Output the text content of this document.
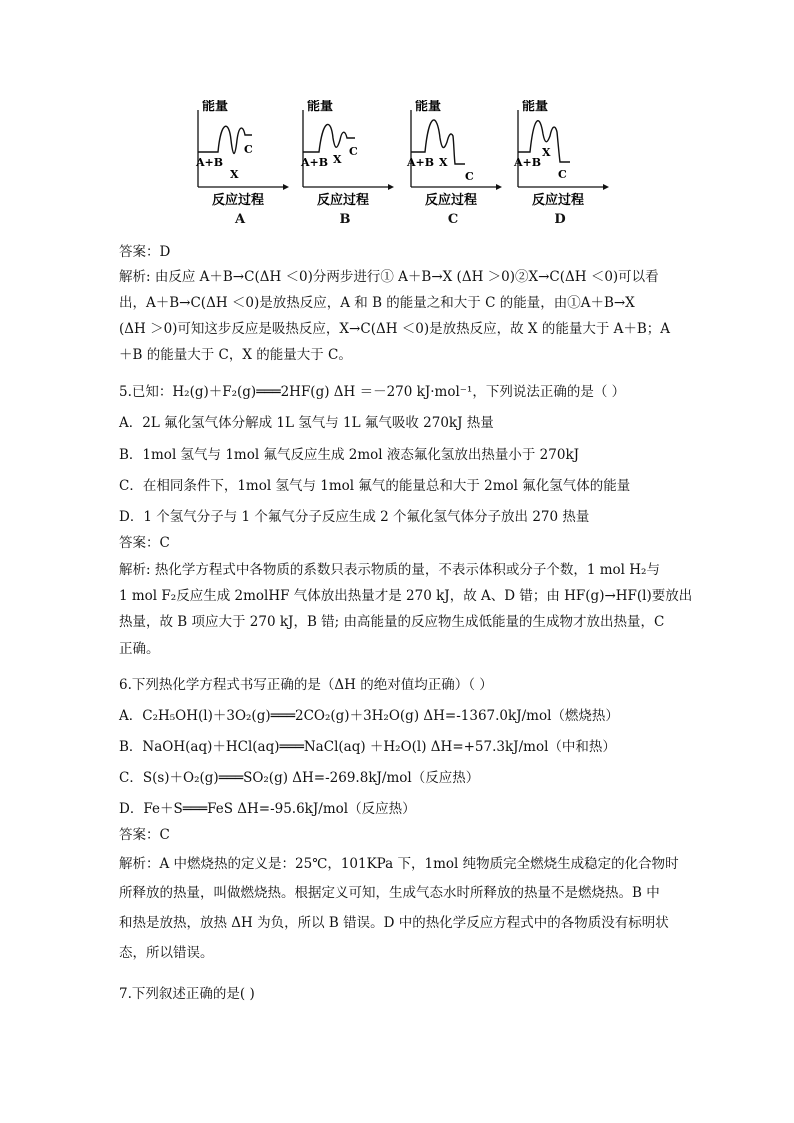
能量
A+B
X
C
反应过程
A
能量
A+B X
C
反应过程
B
能量
A+B X
C
反应过程
C
能量
A+B
X
C
反应过程
D
答案：D
解析: 由反应 A＋B→C(ΔH ＜0)分两步进行① A＋B→X (ΔH ＞0)②X→C(ΔH ＜0)可以看
出，A＋B→C(ΔH ＜0)是放热反应，A 和 B 的能量之和大于 C 的能量，由①A＋B→X
(ΔH ＞0)可知这步反应是吸热反应，X→C(ΔH ＜0)是放热反应，故 X 的能量大于 A＋B；A
＋B 的能量大于 C，X 的能量大于 C。
5.已知：H₂(g)＋F₂(g)═══2HF(g) ΔH ＝－270 kJ·mol⁻¹，下列说法正确的是（ ）
A．2L 氟化氢气体分解成 1L 氢气与 1L 氟气吸收 270kJ 热量
B．1mol 氢气与 1mol 氟气反应生成 2mol 液态氟化氢放出热量小于 270kJ
C．在相同条件下，1mol 氢气与 1mol 氟气的能量总和大于 2mol 氟化氢气体的能量
D．1 个氢气分子与 1 个氟气分子反应生成 2 个氟化氢气体分子放出 270 热量
答案：C
解析: 热化学方程式中各物质的系数只表示物质的量，不表示体积或分子个数，1 mol H₂与
1 mol F₂反应生成 2molHF 气体放出热量才是 270 kJ，故 A、D 错；由 HF(g)→HF(l)要放出
热量，故 B 项应大于 270 kJ，B 错; 由高能量的反应物生成低能量的生成物才放出热量，C
正确。
6.下列热化学方程式书写正确的是（ΔH 的绝对值均正确）（ ）
A．C₂H₅OH(l)＋3O₂(g)═══2CO₂(g)＋3H₂O(g) ΔH=-1367.0kJ/mol（燃烧热）
B．NaOH(aq)＋HCl(aq)═══NaCl(aq) ＋H₂O(l) ΔH=+57.3kJ/mol（中和热）
C．S(s)＋O₂(g)═══SO₂(g) ΔH=-269.8kJ/mol（反应热）
D．Fe＋S═══FeS ΔH=-95.6kJ/mol（反应热）
答案：C
解析：A 中燃烧热的定义是：25℃，101KPa 下，1mol 纯物质完全燃烧生成稳定的化合物时
所释放的热量，叫做燃烧热。根据定义可知，生成气态水时所释放的热量不是燃烧热。B 中
和热是放热，放热 ΔH 为负，所以 B 错误。D 中的热化学反应方程式中的各物质没有标明状
态，所以错误。
7.下列叙述正确的是( )
